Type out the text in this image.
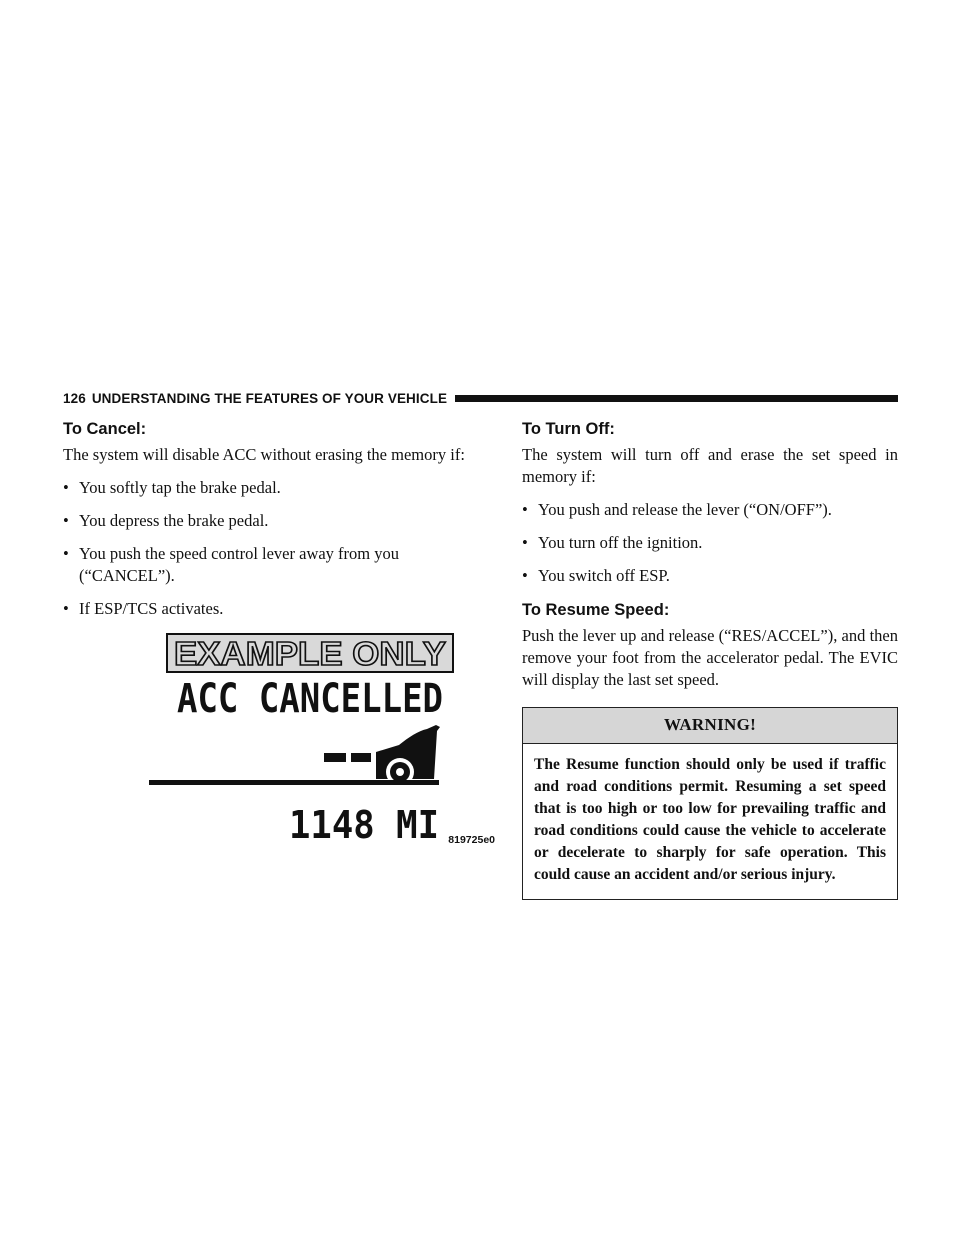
126 UNDERSTANDING THE FEATURES OF YOUR VEHICLE
To Cancel:

The system will disable ACC without erasing the memory if:

• You softly tap the brake pedal.
• You depress the brake pedal.
• You push the speed control lever away from you (“CANCEL”).
• If ESP/TCS activates.
EXAMPLE ONLY
ACC CANCELLED
1148 MI 819725e0
To Turn Off:

The system will turn off and erase the set speed in memory if:

• You push and release the lever (“ON/OFF”).
• You turn off the ignition.
• You switch off ESP.
To Resume Speed:

Push the lever up and release (“RES/ACCEL”), and then remove your foot from the accelerator pedal. The EVIC will display the last set speed.

WARNING!
The Resume function should only be used if traffic and road conditions permit. Resuming a set speed that is too high or too low for prevailing traffic and road conditions could cause the vehicle to accelerate or decelerate to sharply for safe operation. This could cause an accident and/or serious injury.
